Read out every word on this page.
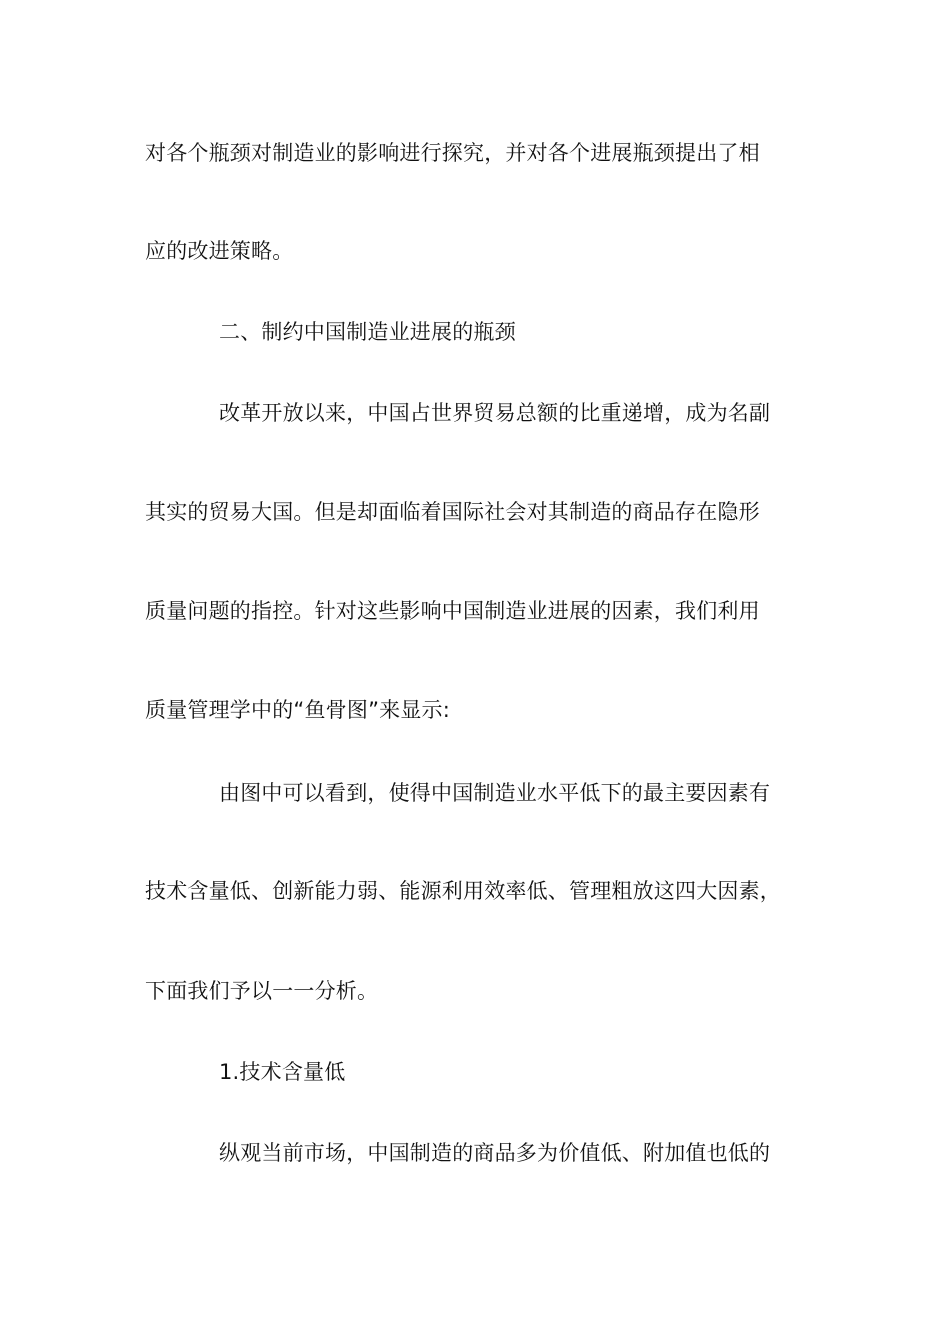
对各个瓶颈对制造业的影响进行探究，并对各个进展瓶颈提出了相
应的改进策略。
二、制约中国制造业进展的瓶颈
改革开放以来，中国占世界贸易总额的比重递增，成为名副
其实的贸易大国。但是却面临着国际社会对其制造的商品存在隐形
质量问题的指控。针对这些影响中国制造业进展的因素，我们利用
质量管理学中的“鱼骨图”来显示:
由图中可以看到，使得中国制造业水平低下的最主要因素有
技术含量低、创新能力弱、能源利用效率低、管理粗放这四大因素，
下面我们予以一一分析。
1.技术含量低
纵观当前市场，中国制造的商品多为价值低、附加值也低的
